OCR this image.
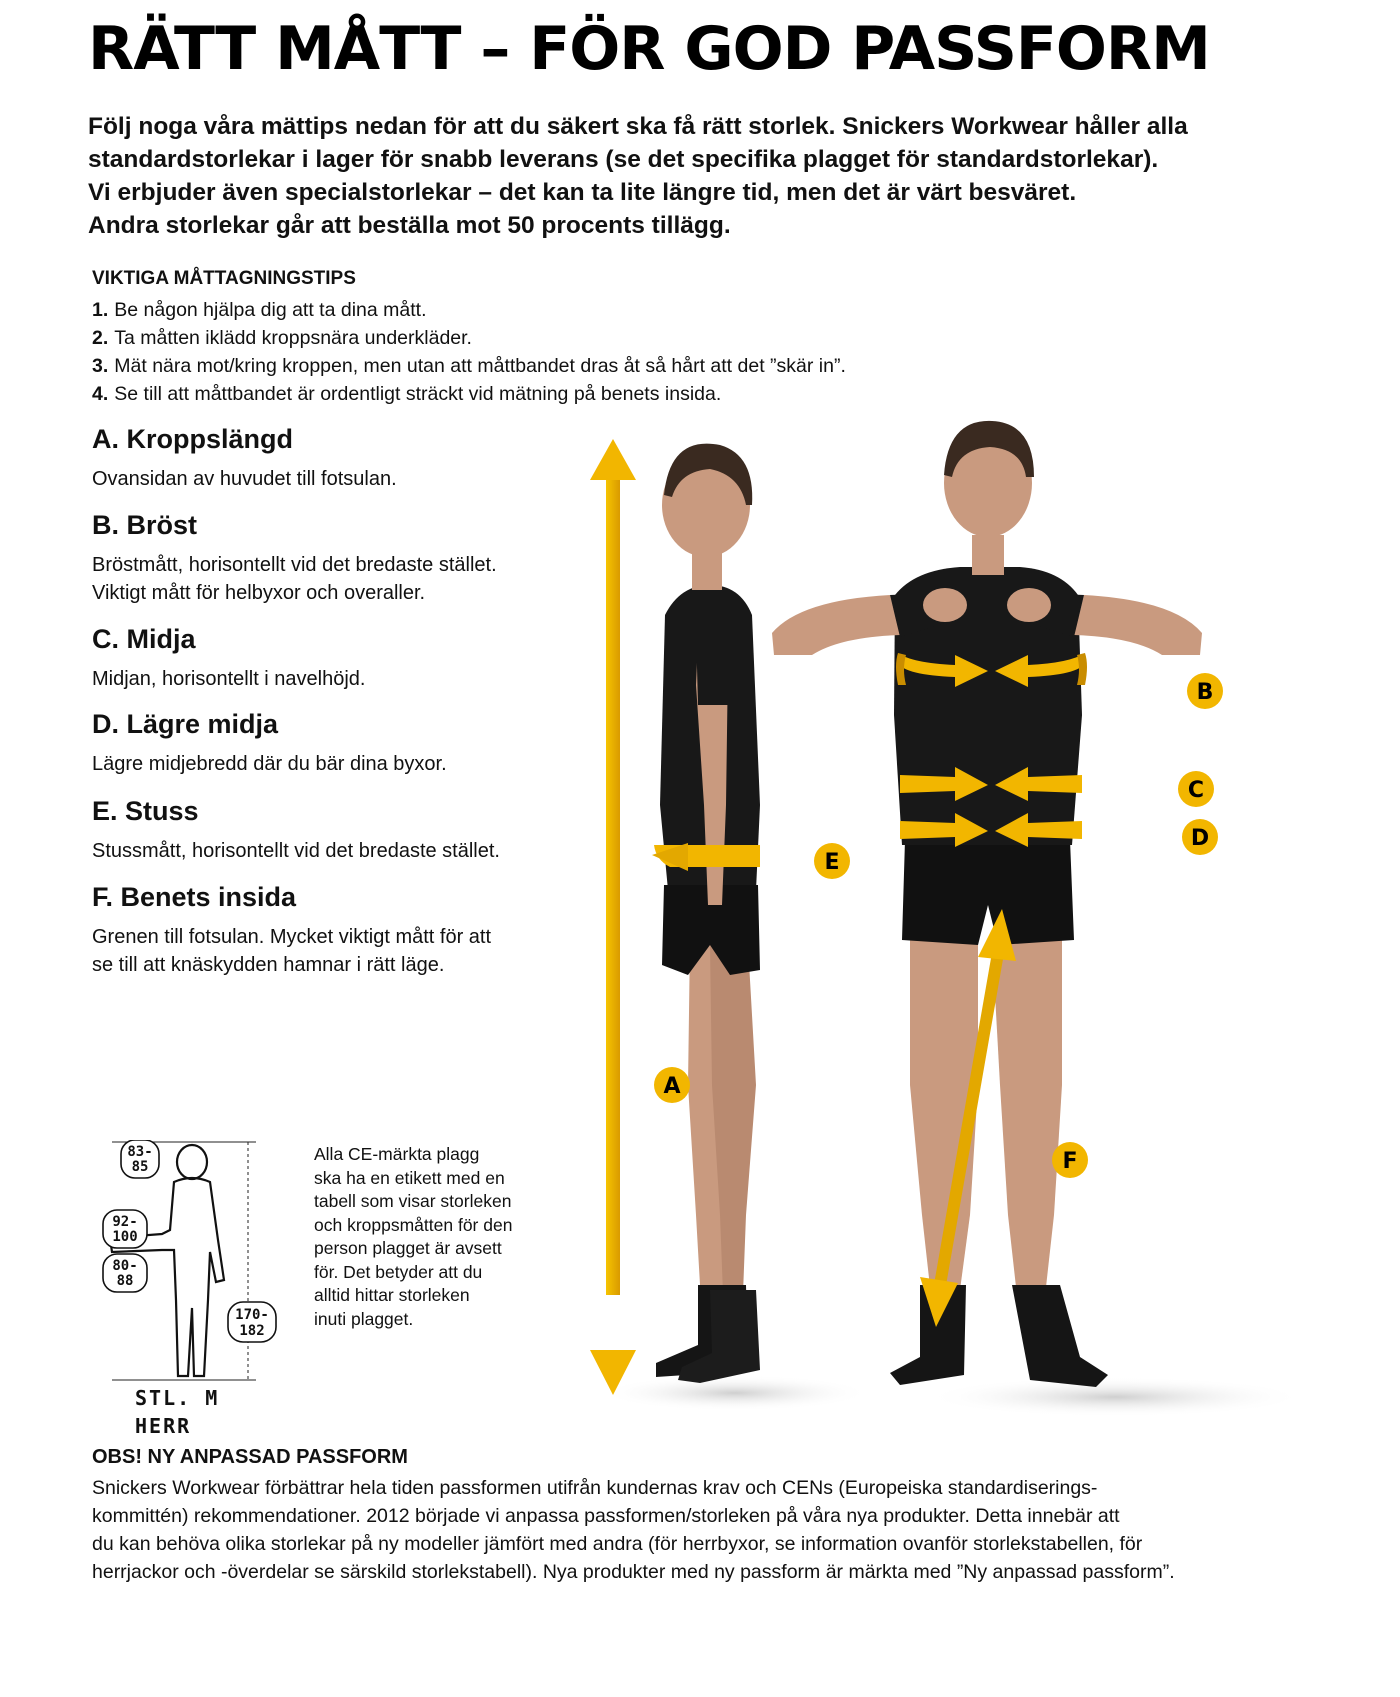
RÄTT MÅTT – FÖR GOD PASSFORM
Följ noga våra mättips nedan för att du säkert ska få rätt storlek. Snickers Workwear håller alla
standardstorlekar i lager för snabb leverans (se det specifika plagget för standardstorlekar).
Vi erbjuder även specialstorlekar – det kan ta lite längre tid, men det är värt besväret.
Andra storlekar går att beställa mot 50 procents tillägg.
VIKTIGA MÅTTAGNINGSTIPS
1. Be någon hjälpa dig att ta dina mått.
2. Ta måtten iklädd kroppsnära underkläder.
3. Mät nära mot/kring kroppen, men utan att måttbandet dras åt så hårt att det ”skär in”.
4. Se till att måttbandet är ordentligt sträckt vid mätning på benets insida.
A. Kroppslängd

Ovansidan av huvudet till fotsulan.

B. Bröst

Bröstmått, horisontellt vid det bredaste stället.
Viktigt mått för helbyxor och overaller.

C. Midja

Midjan, horisontellt i navelhöjd.

D. Lägre midja

Lägre midjebredd där du bär dina byxor.

E. Stuss

Stussmått, horisontellt vid det bredaste stället.

F. Benets insida

Grenen till fotsulan. Mycket viktigt mått för att
se till att knäskydden hamnar i rätt läge.

A
B
C
D
E
F
83-
85
92-
100
80-
88
170-
182
STL. M
HERR
Alla CE-märkta plagg
ska ha en etikett med en
tabell som visar storleken
och kroppsmåtten för den
person plagget är avsett
för. Det betyder att du
alltid hittar storleken
inuti plagget.
OBS! NY ANPASSAD PASSFORM
Snickers Workwear förbättrar hela tiden passformen utifrån kundernas krav och CENs (Europeiska standardiserings-
kommittén) rekommendationer. 2012 började vi anpassa passformen/storleken på våra nya produkter. Detta innebär att
du kan behöva olika storlekar på ny modeller jämfört med andra (för herrbyxor, se information ovanför storlekstabellen, för
herrjackor och -överdelar se särskild storlekstabell). Nya produkter med ny passform är märkta med ”Ny anpassad passform”.
